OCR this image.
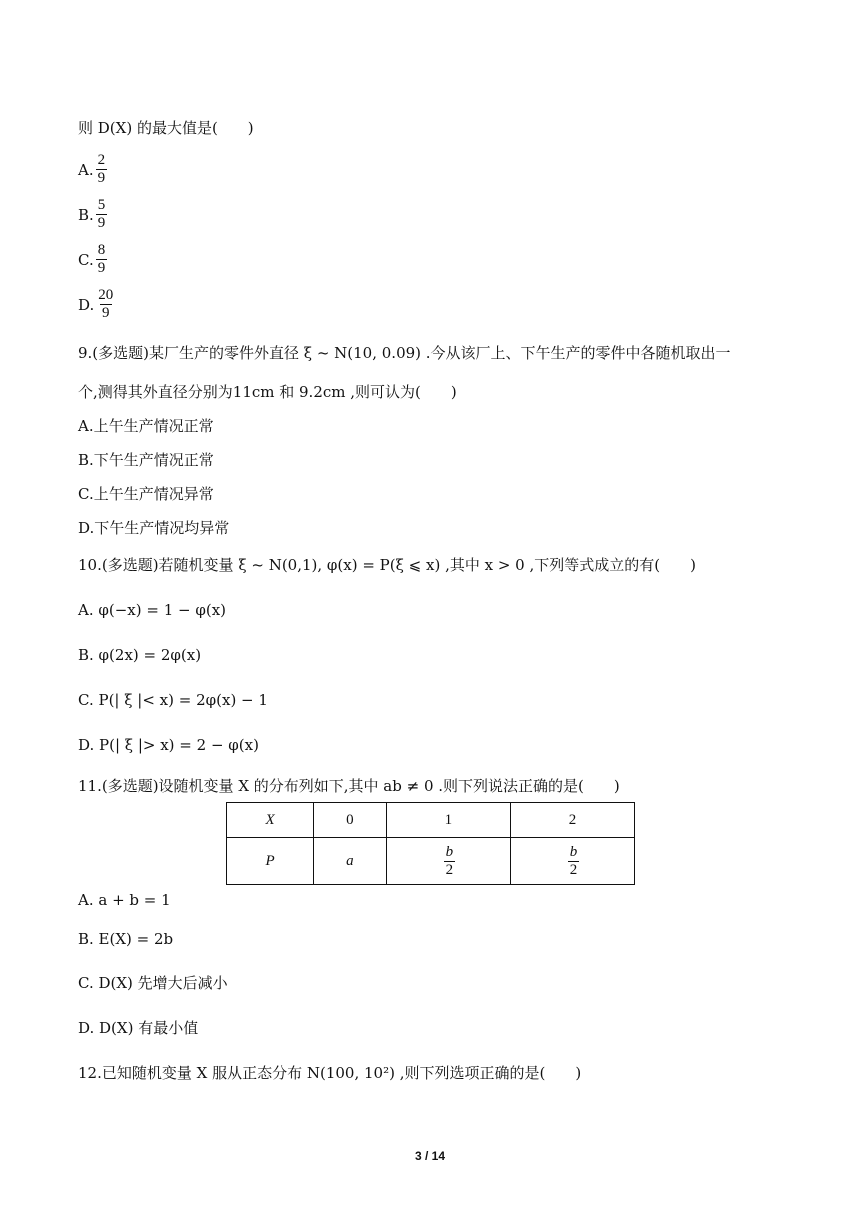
则 D(X) 的最大值是(　　)
A. $\frac{2}{9}$
B. $\frac{5}{9}$
C. $\frac{8}{9}$
D. $\frac{20}{9}$
9.(多选题)某厂生产的零件外直径 ξ ~ N(10, 0.09) .今从该厂上、下午生产的零件中各随机取出一
个,测得其外直径分别为11cm 和 9.2cm ,则可认为(　　)
A.上午生产情况正常
B.下午生产情况正常
C.上午生产情况异常
D.下午生产情况均异常
10.(多选题)若随机变量 ξ ~ N(0,1), φ(x) = P(ξ ⩽ x) ,其中 x > 0 ,下列等式成立的有(　　)
A. φ(−x) = 1 − φ(x)
B. φ(2x) = 2φ(x)
C. P(| ξ |< x) = 2φ(x) − 1
D. P(| ξ |> x) = 2 − φ(x)
11.(多选题)设随机变量 X 的分布列如下,其中 ab ≠ 0 .则下列说法正确的是(　　)
X	0	1	2
P	a	$\frac{b}{2}$	$\frac{b}{2}$
A. a + b = 1
B. E(X) = 2b
C. D(X) 先增大后减小
D. D(X) 有最小值
12.已知随机变量 X 服从正态分布 N(100, 10²) ,则下列选项正确的是(　　)
3 / 14
